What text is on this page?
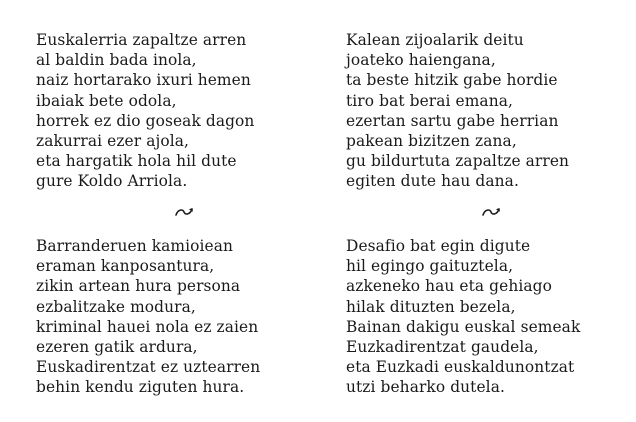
Euskalerria zapaltze arren
al baldin bada inola,
naiz hortarako ixuri hemen
ibaiak bete odola,
horrek ez dio goseak dagon
zakurrai ezer ajola,
eta hargatik hola hil dute
gure Koldo Arriola.
Kalean zijoalarik deitu
joateko haiengana,
ta beste hitzik gabe hordie
tiro bat berai emana,
ezertan sartu gabe herrian
pakean bizitzen zana,
gu bildurtuta zapaltze arren
egiten dute hau dana.
Barranderuen kamioiean
eraman kanposantura,
zikin artean hura persona
ezbalitzake modura,
kriminal hauei nola ez zaien
ezeren gatik ardura,
Euskadirentzat ez uztearren
behin kendu ziguten hura.
Desafio bat egin digute
hil egingo gaituztela,
azkeneko hau eta gehiago
hilak dituzten bezela,
Bainan dakigu euskal semeak
Euzkadirentzat gaudela,
eta Euzkadi euskaldunontzat
utzi beharko dutela.
